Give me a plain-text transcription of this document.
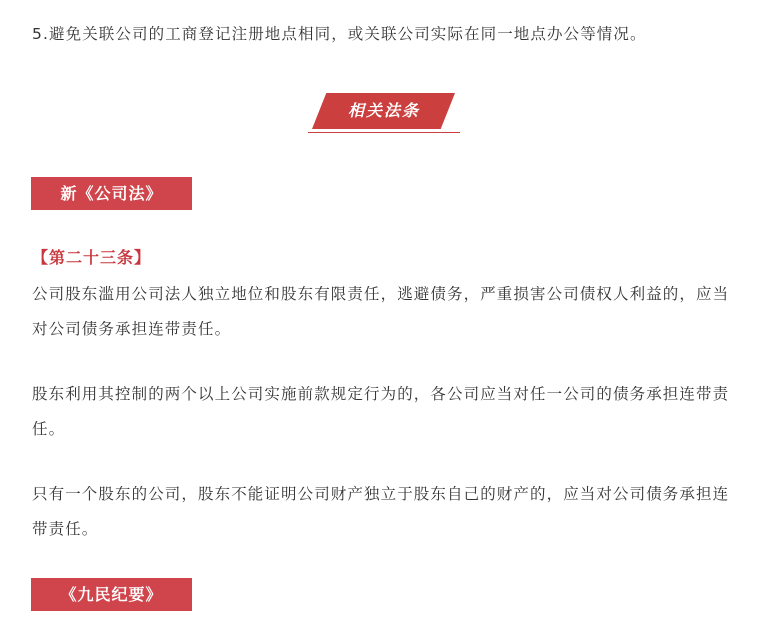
5.避免关联公司的工商登记注册地点相同，或关联公司实际在同一地点办公等情况。

相关法条
新《公司法》
【第二十三条】

公司股东滥用公司法人独立地位和股东有限责任，逃避债务，严重损害公司债权人利益的，应当对公司债务承担连带责任。

股东利用其控制的两个以上公司实施前款规定行为的，各公司应当对任一公司的债务承担连带责任。

只有一个股东的公司，股东不能证明公司财产独立于股东自己的财产的，应当对公司债务承担连带责任。

《九民纪要》
